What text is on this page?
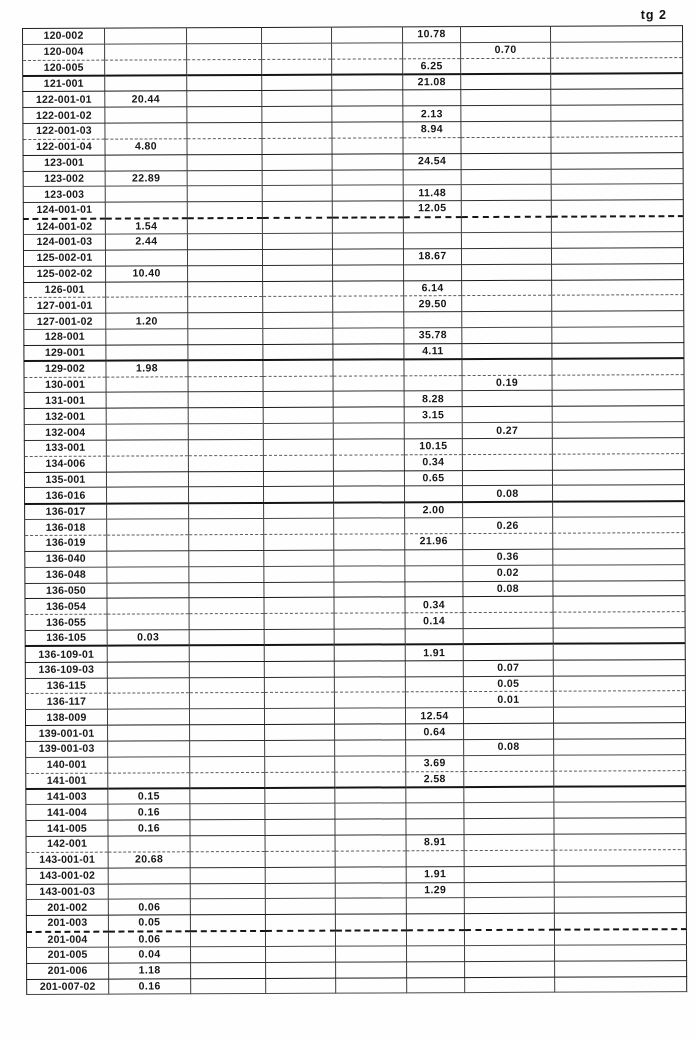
tg 2
120-002					10.78		
120-004						0.70	
120-005					6.25		
121-001					21.08		
122-001-01	20.44						
122-001-02					2.13		
122-001-03					8.94		
122-001-04	4.80						
123-001					24.54		
123-002	22.89						
123-003					11.48		
124-001-01					12.05		
124-001-02	1.54						
124-001-03	2.44						
125-002-01					18.67		
125-002-02	10.40						
126-001					6.14		
127-001-01					29.50		
127-001-02	1.20						
128-001					35.78		
129-001					4.11		
129-002	1.98						
130-001						0.19	
131-001					8.28		
132-001					3.15		
132-004						0.27	
133-001					10.15		
134-006					0.34		
135-001					0.65		
136-016						0.08	
136-017					2.00		
136-018						0.26	
136-019					21.96		
136-040						0.36	
136-048						0.02	
136-050						0.08	
136-054					0.34		
136-055					0.14		
136-105	0.03						
136-109-01					1.91		
136-109-03						0.07	
136-115						0.05	
136-117						0.01	
138-009					12.54		
139-001-01					0.64		
139-001-03						0.08	
140-001					3.69		
141-001					2.58		
141-003	0.15						
141-004	0.16						
141-005	0.16						
142-001					8.91		
143-001-01	20.68						
143-001-02					1.91		
143-001-03					1.29		
201-002	0.06						
201-003	0.05						
201-004	0.06						
201-005	0.04						
201-006	1.18						
201-007-02	0.16						
